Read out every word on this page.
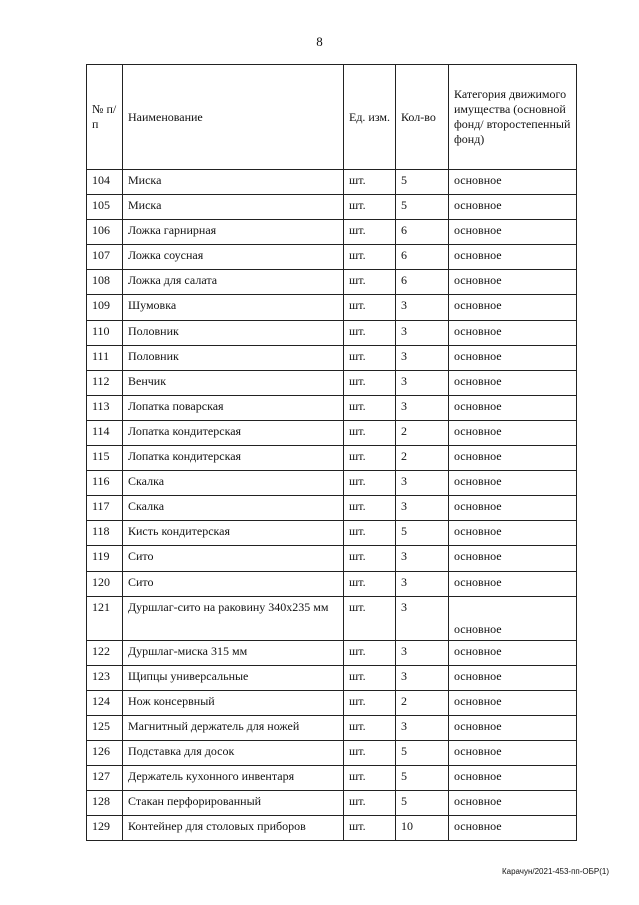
8
№ п/п	Наименование	Ед. изм.	Кол-во	Категория движимого имущества (основной фонд/ второстепенный фонд)
104	Миска	шт.	5	основное
105	Миска	шт.	5	основное
106	Ложка гарнирная	шт.	6	основное
107	Ложка соусная	шт.	6	основное
108	Ложка для салата	шт.	6	основное
109	Шумовка	шт.	3	основное
110	Половник	шт.	3	основное
111	Половник	шт.	3	основное
112	Венчик	шт.	3	основное
113	Лопатка поварская	шт.	3	основное
114	Лопатка кондитерская	шт.	2	основное
115	Лопатка кондитерская	шт.	2	основное
116	Скалка	шт.	3	основное
117	Скалка	шт.	3	основное
118	Кисть кондитерская	шт.	5	основное
119	Сито	шт.	3	основное
120	Сито	шт.	3	основное
121	Дуршлаг-сито на раковину 340х235 мм	шт.	3	основное
122	Дуршлаг-миска 315 мм	шт.	3	основное
123	Щипцы универсальные	шт.	3	основное
124	Нож консервный	шт.	2	основное
125	Магнитный держатель для ножей	шт.	3	основное
126	Подставка для досок	шт.	5	основное
127	Держатель кухонного инвентаря	шт.	5	основное
128	Стакан перфорированный	шт.	5	основное
129	Контейнер для столовых приборов	шт.	10	основное
Карачун/2021-453-пп-ОБР(1)
